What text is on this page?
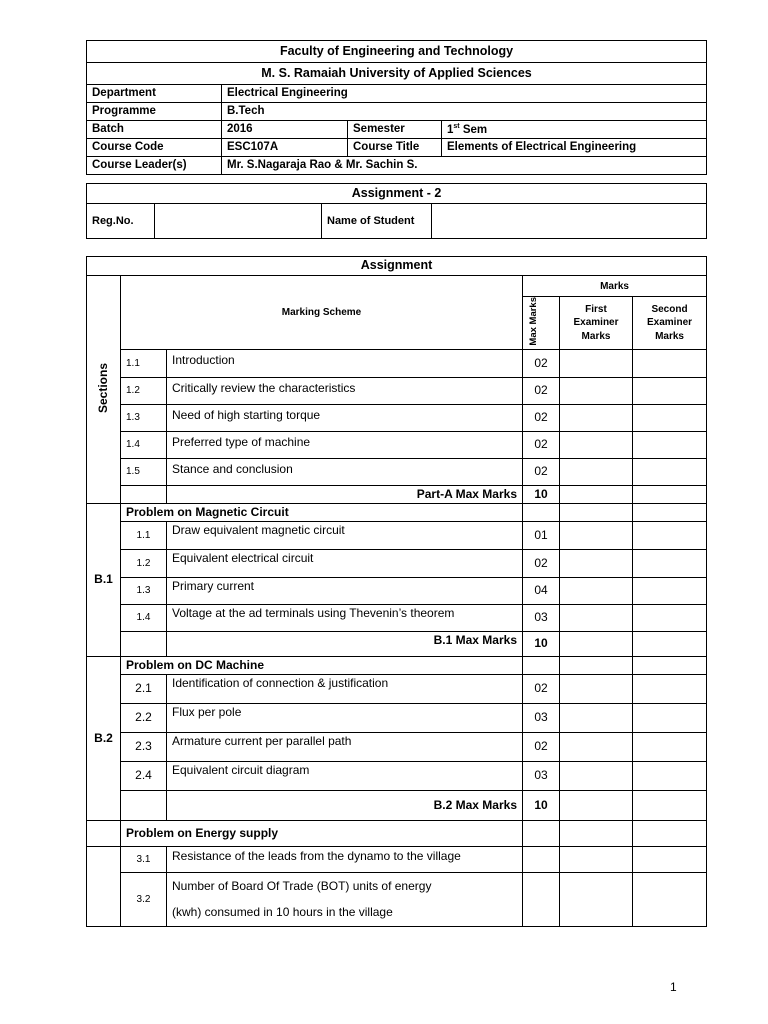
Faculty of Engineering and Technology			
M. S. Ramaiah University of Applied Sciences			
Department	Electrical Engineering		
Programme	B.Tech		
Batch	2016	Semester	1st Sem
Course Code	ESC107A	Course Title	Elements of Electrical Engineering
Course Leader(s)	Mr. S.Nagaraja Rao & Mr. Sachin S.		
Assignment - 2
Reg.No.		Name of Student	
Assignment					
Sections	Marking Scheme		Marks		
			Max Marks	First Examiner Marks	Second Examiner Marks
	1.1	Introduction	02		
	1.2	Critically review the characteristics	02		
	1.3	Need of high starting torque	02		
	1.4	Preferred type of machine	02		
	1.5	Stance and conclusion	02		
		Part-A Max Marks	10		
B.1	Problem on Magnetic Circuit				
	1.1	Draw equivalent magnetic circuit	01		
	1.2	Equivalent electrical circuit	02		
	1.3	Primary current	04		
	1.4	Voltage at the ad terminals using Thevenin’s theorem	03		
		B.1 Max Marks	10		
B.2	Problem on DC Machine				
	2.1	Identification of connection & justification	02		
	2.2	Flux per pole	03		
	2.3	Armature current per parallel path	02		
	2.4	Equivalent circuit diagram	03		
		B.2 Max Marks	10		
	Problem on Energy supply				
	3.1	Resistance of the leads from the dynamo to the village			
	3.2	Number of Board Of Trade (BOT) units of energy
(kwh) consumed in 10 hours in the village			

1
